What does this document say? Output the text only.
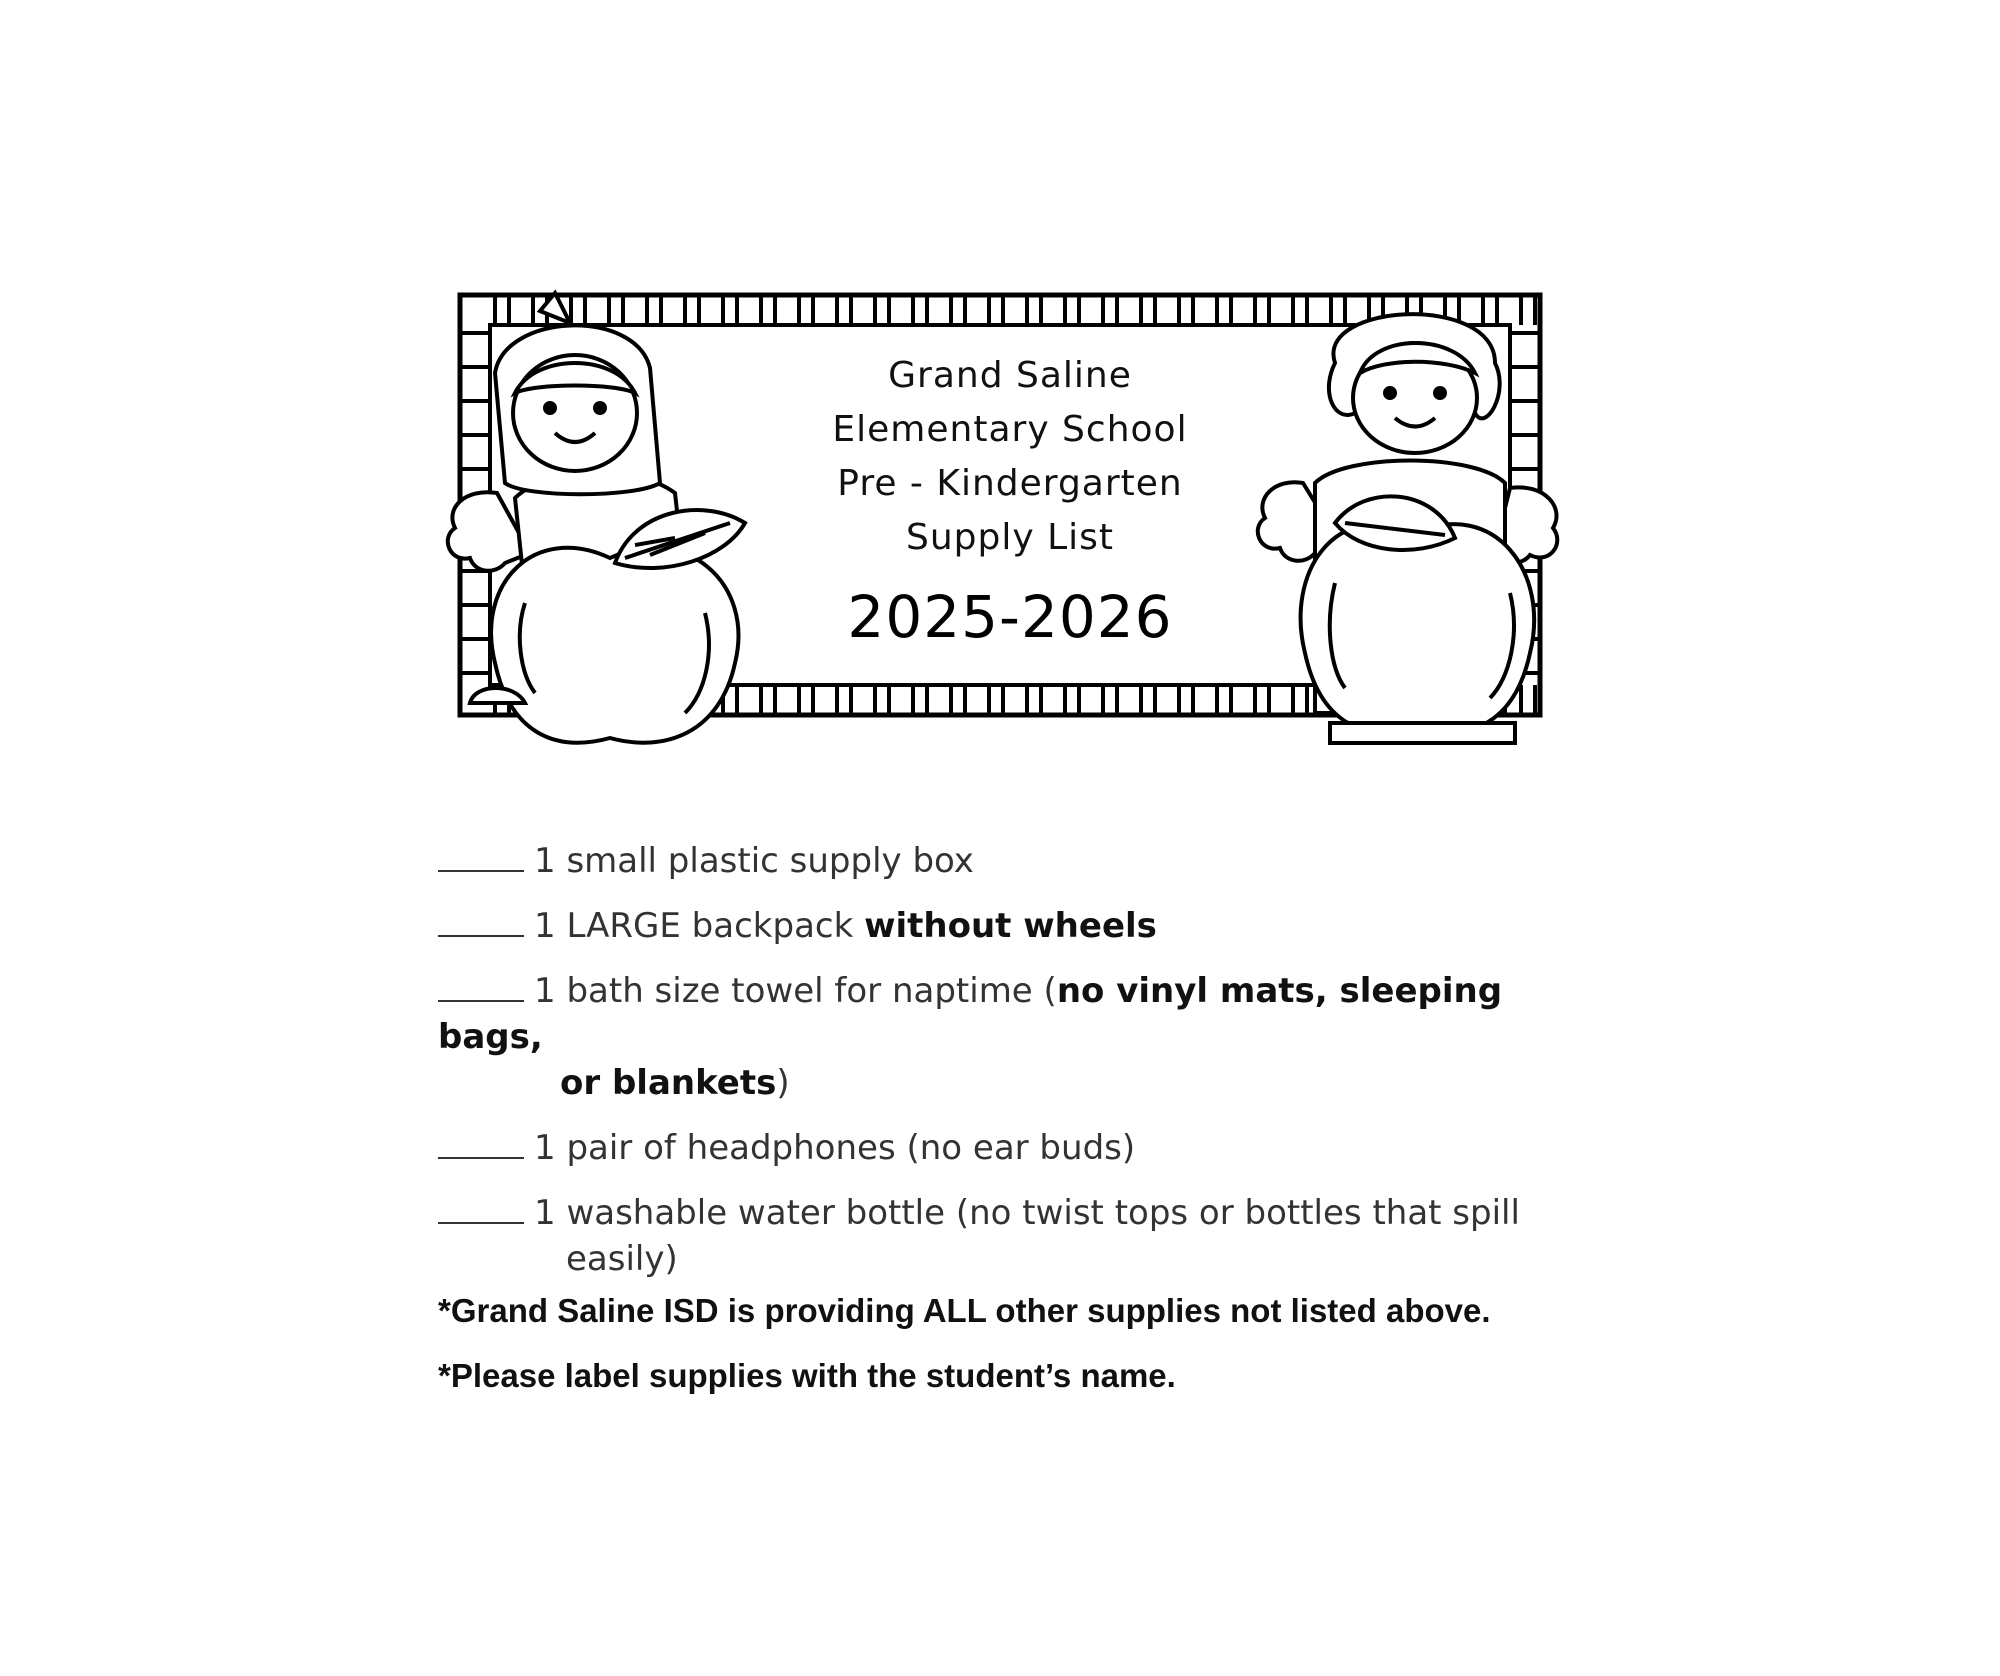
Grand Saline
Elementary School
Pre - Kindergarten
Supply List
2025-2026
1 small plastic supply box
1 LARGE backpack without wheels
1 bath size towel for naptime (no vinyl mats, sleeping bags,
or blankets)
1 pair of headphones (no ear buds)
1 washable water bottle (no twist tops or bottles that spill
easily)
*Grand Saline ISD is providing ALL other supplies not listed above.
*Please label supplies with the student’s name.
